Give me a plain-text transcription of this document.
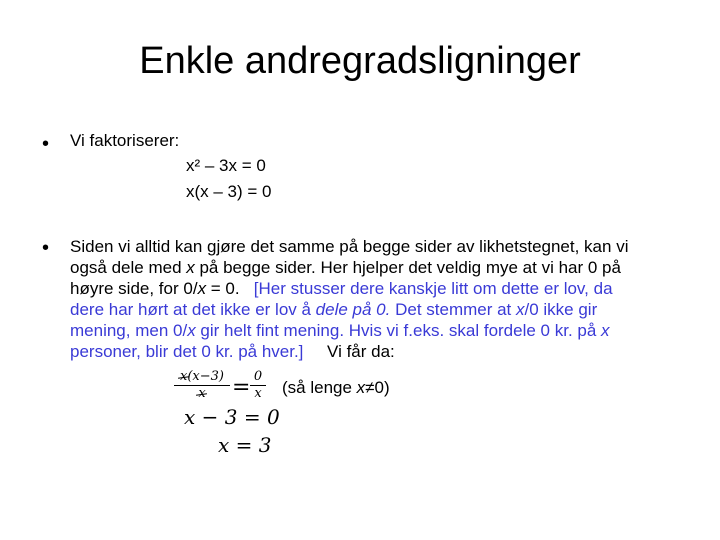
Enkle andregradsligninger
• Vi faktoriserer:
x² – 3x = 0
x(x – 3) = 0
• Siden vi alltid kan gjøre det samme på begge sider av likhetstegnet, kan vi
også dele med x på begge sider. Her hjelper det veldig mye at vi har 0 på
høyre side, for 0/x = 0. [Her stusser dere kanskje litt om dette er lov, da
dere har hørt at det ikke er lov å dele på 0. Det stemmer at x/0 ikke gir
mening, men 0/x gir helt fint mening. Hvis vi f.eks. skal fordele 0 kr. på x
personer, blir det 0 kr. på hver.] Vi får da:
x(x−3)
x	= 0
x (så lenge x≠0)
x − 3 = 0
x = 3
